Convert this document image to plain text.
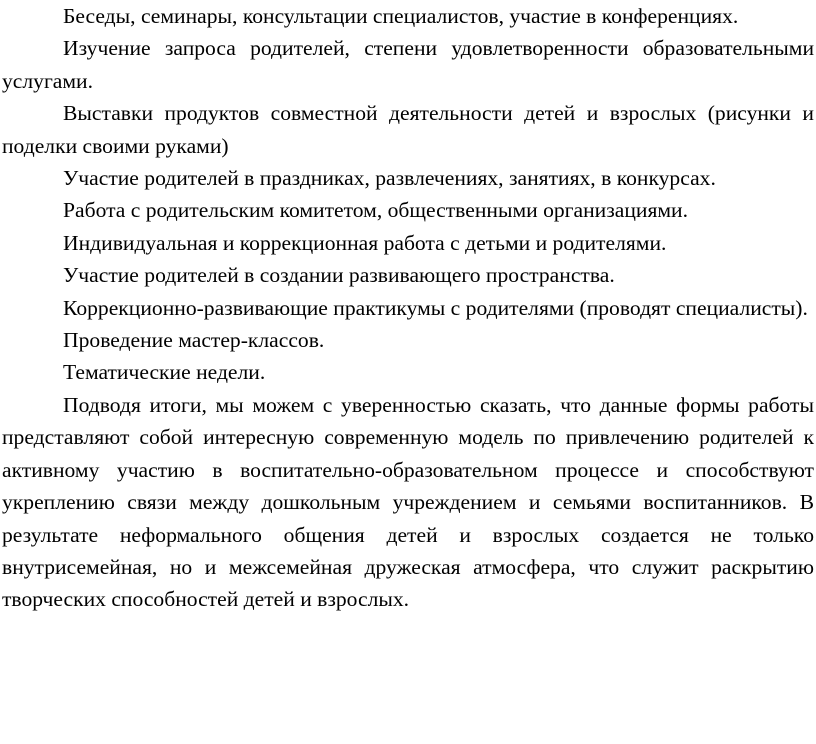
Беседы, семинары, консультации специалистов, участие в конференциях.

Изучение запроса родителей, степени удовлетворенности образовательными услугами.

Выставки продуктов совместной деятельности детей и взрослых (рисунки и поделки своими руками)

Участие родителей в праздниках, развлечениях, занятиях, в конкурсах.

Работа с родительским комитетом, общественными организациями.

Индивидуальная и коррекционная работа с детьми и родителями.

Участие родителей в создании развивающего пространства.

Коррекционно-развивающие практикумы с родителями (проводят специалисты).

Проведение мастер-классов.

Тематические недели.

Подводя итоги, мы можем с уверенностью сказать, что данные формы работы представляют собой интересную современную модель по привлечению родителей к активному участию в воспитательно-образовательном процессе и способствуют укреплению связи между дошкольным учреждением и семьями воспитанников. В результате неформального общения детей и взрослых создается не только внутрисемейная, но и межсемейная дружеская атмосфера, что служит раскрытию творческих способностей детей и взрослых.
